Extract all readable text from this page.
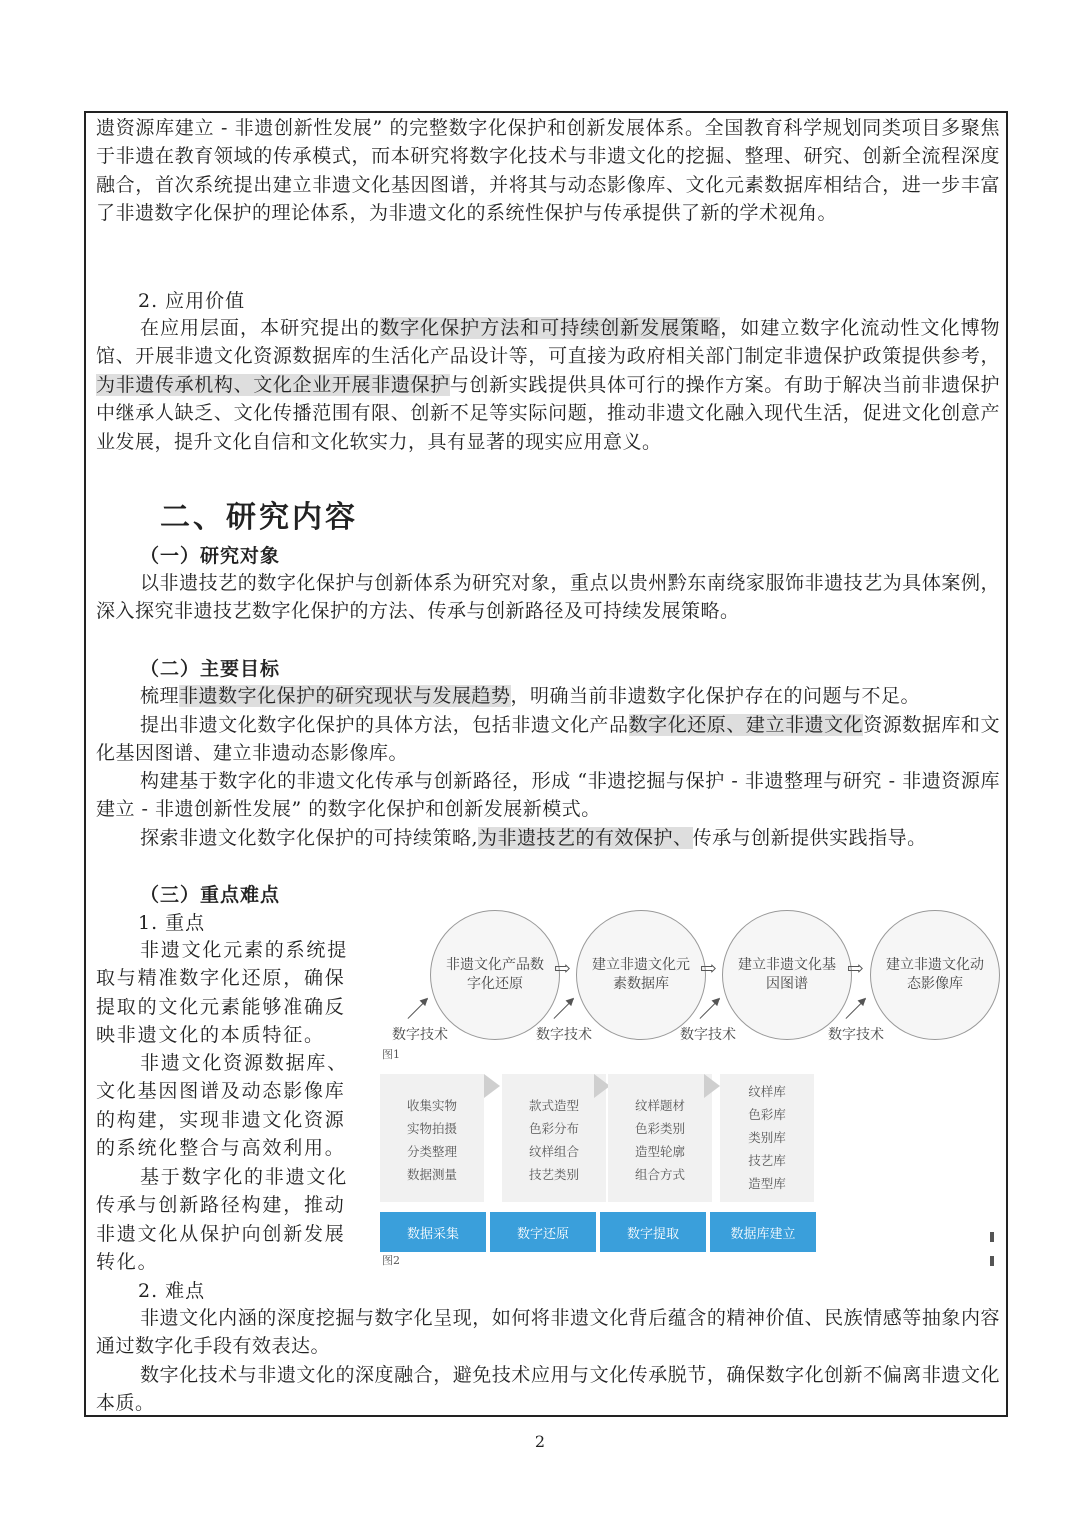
遗资源库建立 - 非遗创新性发展” 的完整数字化保护和创新发展体系。全国教育科学规划同类项目多聚焦于非遗在教育领域的传承模式，而本研究将数字化技术与非遗文化的挖掘、整理、研究、创新全流程深度融合，首次系统提出建立非遗文化基因图谱，并将其与动态影像库、文化元素数据库相结合，进一步丰富了非遗数字化保护的理论体系，为非遗文化的系统性保护与传承提供了新的学术视角。

2. 应用价值

在应用层面，本研究提出的数字化保护方法和可持续创新发展策略，如建立数字化流动性文化博物馆、开展非遗文化资源数据库的生活化产品设计等，可直接为政府相关部门制定非遗保护政策提供参考，为非遗传承机构、文化企业开展非遗保护与创新实践提供具体可行的操作方案。有助于解决当前非遗保护中继承人缺乏、文化传播范围有限、创新不足等实际问题，推动非遗文化融入现代生活，促进文化创意产业发展，提升文化自信和文化软实力，具有显著的现实应用意义。

二、研究内容

（一）研究对象

以非遗技艺的数字化保护与创新体系为研究对象，重点以贵州黔东南绕家服饰非遗技艺为具体案例，深入探究非遗技艺数字化保护的方法、传承与创新路径及可持续发展策略。

（二）主要目标

梳理非遗数字化保护的研究现状与发展趋势，明确当前非遗数字化保护存在的问题与不足。

提出非遗文化数字化保护的具体方法，包括非遗文化产品数字化还原、建立非遗文化资源数据库和文化基因图谱、建立非遗动态影像库。

构建基于数字化的非遗文化传承与创新路径，形成 “非遗挖掘与保护 - 非遗整理与研究 - 非遗资源库建立 - 非遗创新性发展” 的数字化保护和创新发展新模式。

探索非遗文化数字化保护的可持续策略,为非遗技艺的有效保护、传承与创新提供实践指导。

（三）重点难点

1. 重点

非遗文化元素的系统提取与精准数字化还原，确保提取的文化元素能够准确反映非遗文化的本质特征。

非遗文化资源数据库、文化基因图谱及动态影像库的构建，实现非遗文化资源的系统化整合与高效利用。

基于数字化的非遗文化传承与创新路径构建，推动非遗文化从保护向创新发展转化。

2. 难点

非遗文化内涵的深度挖掘与数字化呈现，如何将非遗文化背后蕴含的精神价值、民族情感等抽象内容通过数字化手段有效表达。

数字化技术与非遗文化的深度融合，避免技术应用与文化传承脱节，确保数字化创新不偏离非遗文化本质。

非遗文化产品数字化还原
建立非遗文化元素数据库
建立非遗文化基因图谱
建立非遗文化动态影像库
⇨	⇨	⇨
数字技术	数字技术	数字技术	数字技术
图1
收集实物
实物拍摄
分类整理
数据测量
款式造型
色彩分布
纹样组合
技艺类别
纹样题材
色彩类别
造型轮廓
组合方式
纹样库
色彩库
类别库
技艺库
造型库
数据采集	数字还原	数字提取	数据库建立
图2
2
